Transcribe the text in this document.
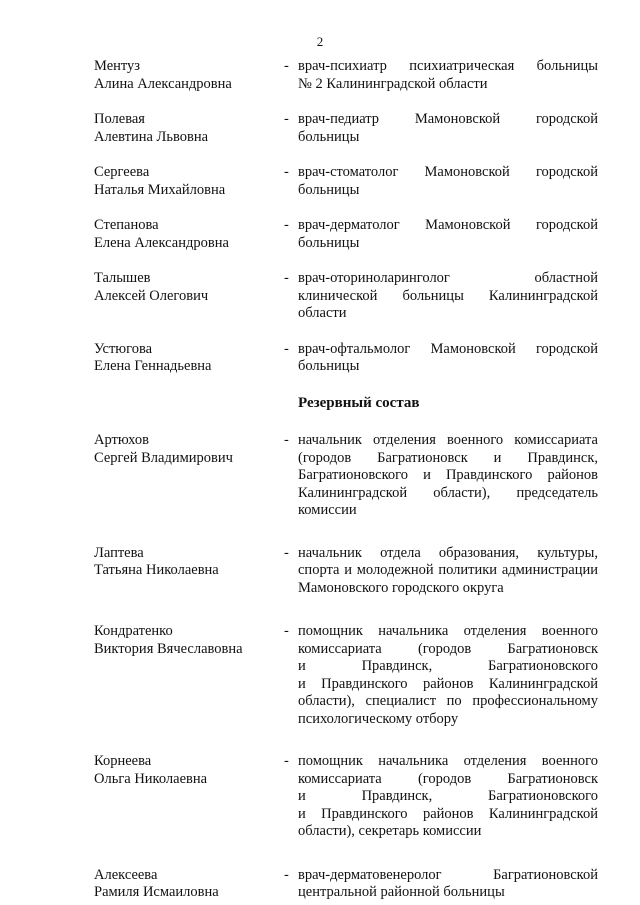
2
Ментуз
Алина Александровна
- врач-психиатр психиатрическая больницы
№ 2 Калининградской области
Полевая
Алевтина Львовна
- врач-педиатр Мамоновской городской
больницы
Сергеева
Наталья Михайловна
- врач-стоматолог Мамоновской городской
больницы
Степанова
Елена Александровна
- врач-дерматолог Мамоновской городской
больницы
Талышев
Алексей Олегович
- врач-оториноларинголог областной
клинической больницы Калининградской
области
Устюгова
Елена Геннадьевна
- врач-офтальмолог Мамоновской городской
больницы
Резервный состав
Артюхов
Сергей Владимирович
- начальник отделения военного комиссариата
(городов Багратионовск и Правдинск,
Багратионовского и Правдинского районов
Калининградской области), председатель
комиссии
Лаптева
Татьяна Николаевна
- начальник отдела образования, культуры,
спорта и молодежной политики администрации
Мамоновского городского округа
Кондратенко
Виктория Вячеславовна
- помощник начальника отделения военного
комиссариата (городов Багратионовск
и Правдинск, Багратионовского
и Правдинского районов Калининградской
области), специалист по профессиональному
психологическому отбору
Корнеева
Ольга Николаевна
- помощник начальника отделения военного
комиссариата (городов Багратионовск
и Правдинск, Багратионовского
и Правдинского районов Калининградской
области), секретарь комиссии
Алексеева
Рамиля Исмаиловна
- врач-дерматовенеролог Багратионовской
центральной районной больницы
